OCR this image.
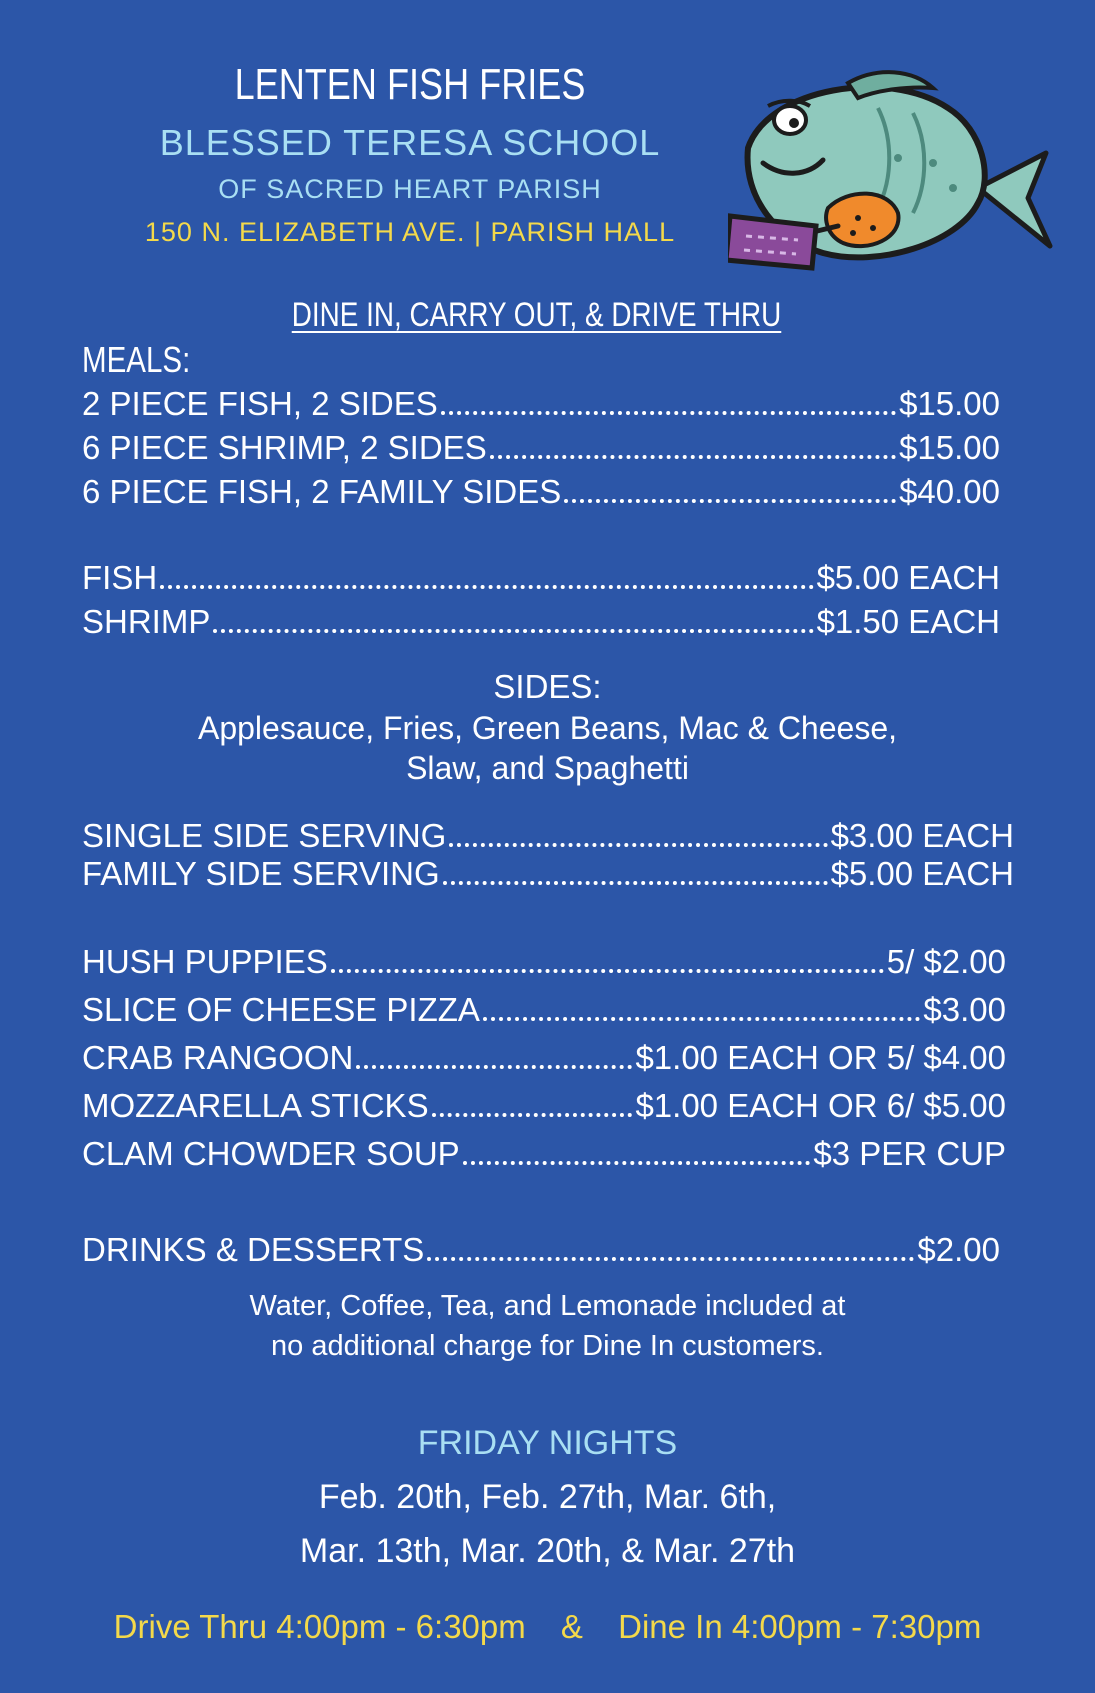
LENTEN FISH FRIES
BLESSED TERESA SCHOOL
OF SACRED HEART PARISH
150 N. ELIZABETH AVE. | PARISH HALL
DINE IN, CARRY OUT, & DRIVE THRU
MEALS:
2 PIECE FISH, 2 SIDES	$15.00
6 PIECE SHRIMP, 2 SIDES	$15.00
6 PIECE FISH, 2 FAMILY SIDES	$40.00
FISH	$5.00 EACH
SHRIMP	$1.50 EACH
SIDES:
Applesauce, Fries, Green Beans, Mac & Cheese,
Slaw, and Spaghetti
SINGLE SIDE SERVING	$3.00 EACH
FAMILY SIDE SERVING	$5.00 EACH
HUSH PUPPIES	5/ $2.00
SLICE OF CHEESE PIZZA	$3.00
CRAB RANGOON	$1.00 EACH OR 5/ $4.00
MOZZARELLA STICKS	$1.00 EACH OR 6/ $5.00
CLAM CHOWDER SOUP	$3 PER CUP
DRINKS & DESSERTS	$2.00
Water, Coffee, Tea, and Lemonade included at
no additional charge for Dine In customers.
FRIDAY NIGHTS
Feb. 20th, Feb. 27th, Mar. 6th,
Mar. 13th, Mar. 20th, & Mar. 27th
Drive Thru 4:00pm - 6:30pm & Dine In 4:00pm - 7:30pm
